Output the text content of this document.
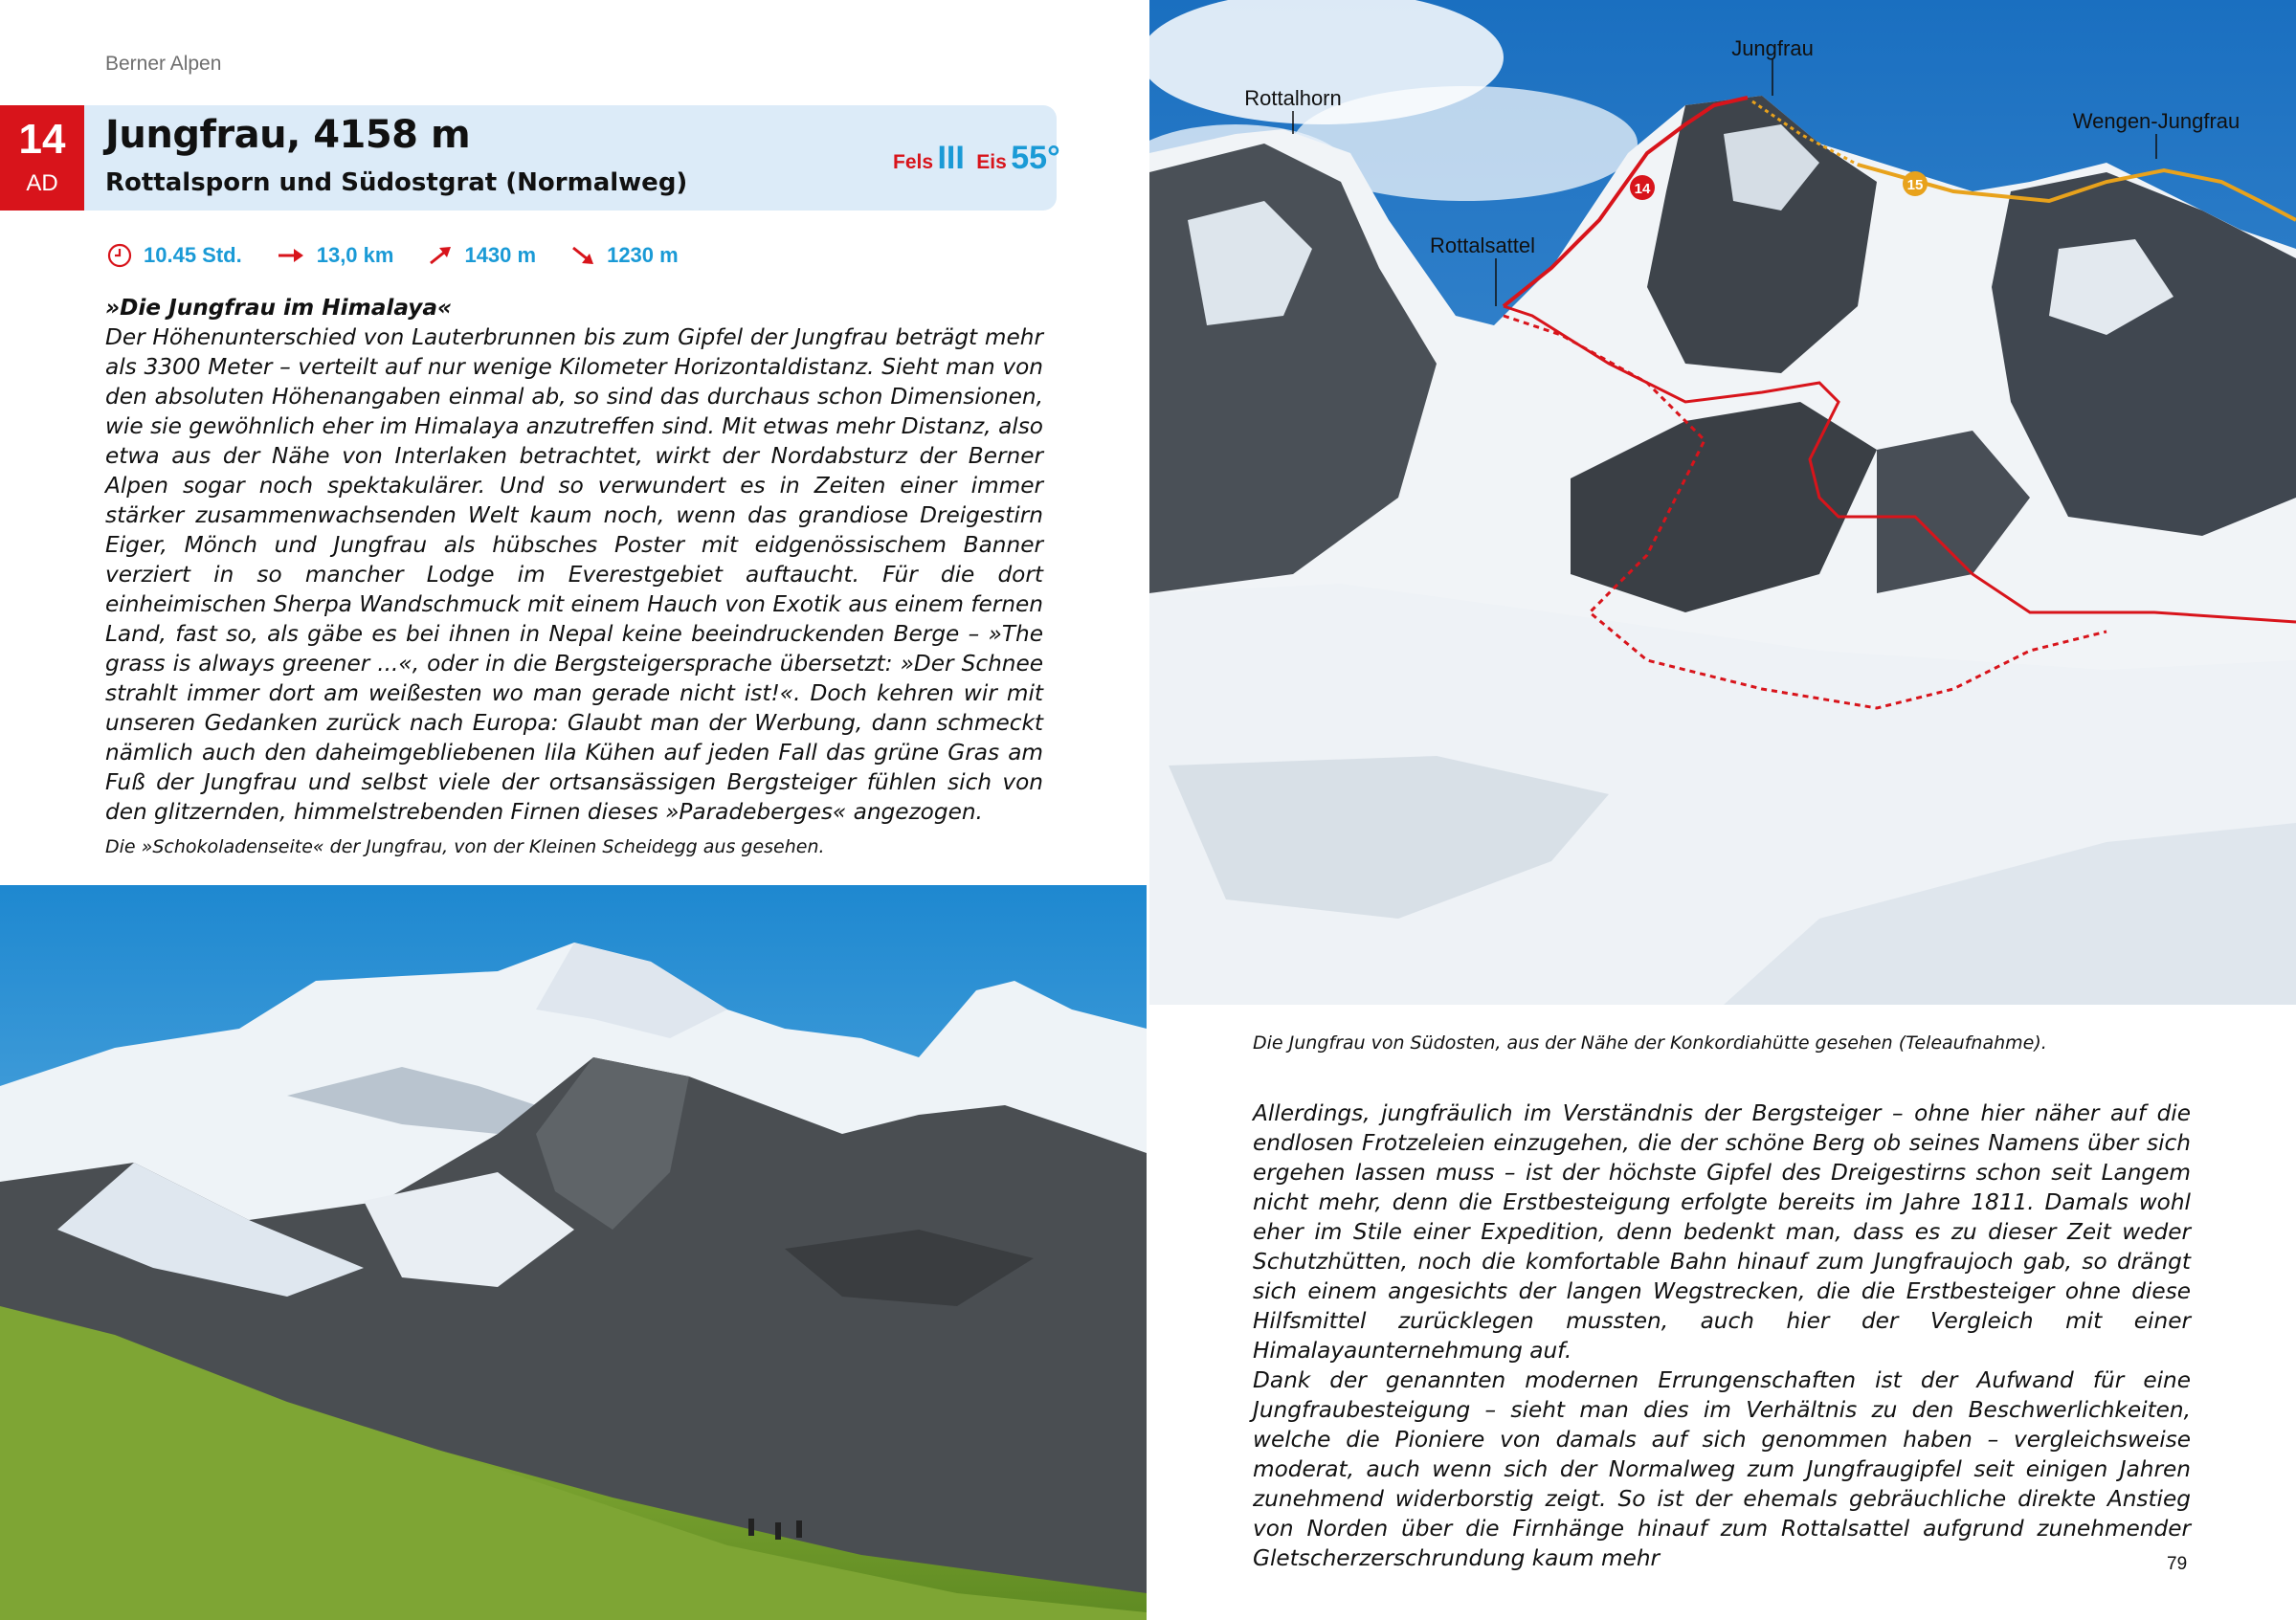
Berner Alpen
14
AD
Jungfrau, 4158 m
Rottalsporn und Südostgrat (Normalweg)
Fels III Eis 55°
10.45 Std.	13,0 km	1430 m	1230 m
»Die Jungfrau im Himalaya«
Der Höhenunterschied von Lauterbrunnen bis zum Gipfel der Jungfrau beträgt mehr als 3300 Meter – verteilt auf nur wenige Kilometer Horizontaldistanz. Sieht man von den absoluten Höhenangaben einmal ab, so sind das durchaus schon Dimensionen, wie sie gewöhnlich eher im Himalaya anzutreffen sind. Mit etwas mehr Distanz, also etwa aus der Nähe von Interlaken betrachtet, wirkt der Nordabsturz der Berner Alpen sogar noch spektakulärer. Und so verwundert es in Zeiten einer immer stärker zusammenwachsenden Welt kaum noch, wenn das grandiose Dreigestirn Eiger, Mönch und Jungfrau als hübsches Poster mit eidgenössischem Banner verziert in so mancher Lodge im Everestgebiet auftaucht. Für die dort einheimischen Sherpa Wandschmuck mit einem Hauch von Exotik aus einem fernen Land, fast so, als gäbe es bei ihnen in Nepal keine beeindruckenden Berge – »The grass is always greener ...«, oder in die Bergsteigersprache übersetzt: »Der Schnee strahlt immer dort am weißesten wo man gerade nicht ist!«. Doch kehren wir mit unseren Gedanken zurück nach Europa: Glaubt man der Werbung, dann schmeckt nämlich auch den daheimgebliebenen lila Kühen auf jeden Fall das grüne Gras am Fuß der Jungfrau und selbst viele der ortsansässigen Bergsteiger fühlen sich von den glitzernden, himmelstrebenden Firnen dieses »Paradeberges« angezogen.
Die »Schokoladenseite« der Jungfrau, von der Kleinen Scheidegg aus gesehen.
14	15
Jungfrau
Rottalhorn
Wengen-Jungfrau
Rottalsattel
Die Jungfrau von Südosten, aus der Nähe der Konkordiahütte gesehen (Teleaufnahme).
Allerdings, jungfräulich im Verständnis der Bergsteiger – ohne hier näher auf die endlosen Frotzeleien einzugehen, die der schöne Berg ob seines Namens über sich ergehen lassen muss – ist der höchste Gipfel des Dreigestirns schon seit Langem nicht mehr, denn die Erstbesteigung erfolgte bereits im Jahre 1811. Damals wohl eher im Stile einer Expedition, denn bedenkt man, dass es zu dieser Zeit weder Schutzhütten, noch die komfortable Bahn hinauf zum Jungfraujoch gab, so drängt sich einem angesichts der langen Wegstrecken, die die Erstbesteiger ohne diese Hilfsmittel zurücklegen mussten, auch hier der Vergleich mit einer Himalayaunternehmung auf.
Dank der genannten modernen Errungenschaften ist der Aufwand für eine Jungfraubesteigung – sieht man dies im Verhältnis zu den Beschwerlichkeiten, welche die Pioniere von damals auf sich genommen haben – vergleichsweise moderat, auch wenn sich der Normalweg zum Jungfraugipfel seit einigen Jahren zunehmend widerborstig zeigt. So ist der ehemals gebräuchliche direkte Anstieg von Norden über die Firnhänge hinauf zum Rottalsattel aufgrund zunehmender Gletscherzerschrundung kaum mehr	79
